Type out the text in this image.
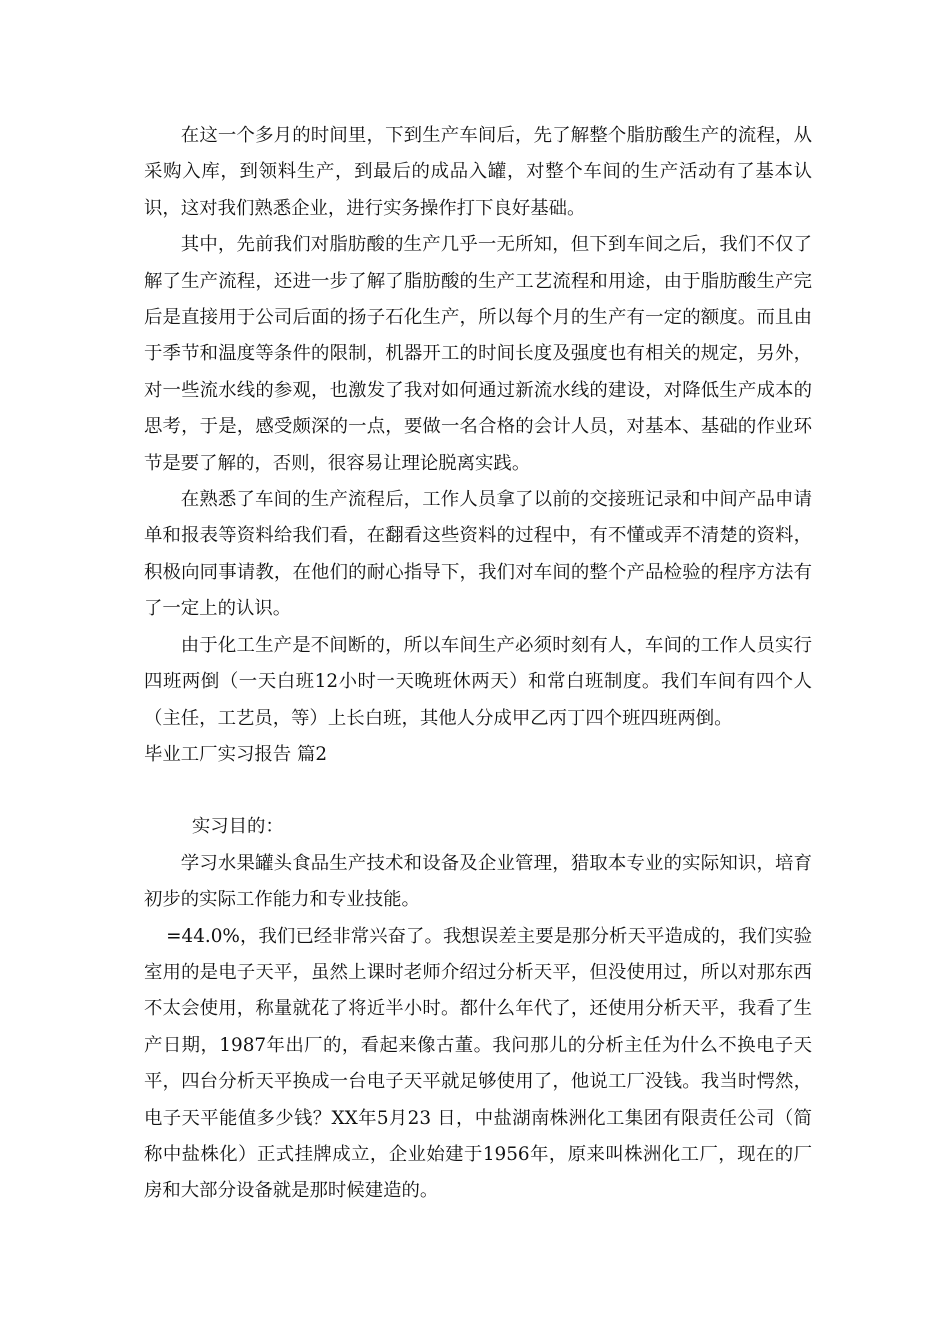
在这一个多月的时间里，下到生产车间后，先了解整个脂肪酸生产的流程，从采购入库，到领料生产，到最后的成品入罐，对整个车间的生产活动有了基本认识，这对我们熟悉企业，进行实务操作打下良好基础。

其中，先前我们对脂肪酸的生产几乎一无所知，但下到车间之后，我们不仅了解了生产流程，还进一步了解了脂肪酸的生产工艺流程和用途，由于脂肪酸生产完后是直接用于公司后面的扬子石化生产，所以每个月的生产有一定的额度。而且由于季节和温度等条件的限制，机器开工的时间长度及强度也有相关的规定，另外，对一些流水线的参观，也激发了我对如何通过新流水线的建设，对降低生产成本的思考，于是，感受颇深的一点，要做一名合格的会计人员，对基本、基础的作业环节是要了解的，否则，很容易让理论脱离实践。

在熟悉了车间的生产流程后，工作人员拿了以前的交接班记录和中间产品申请单和报表等资料给我们看，在翻看这些资料的过程中，有不懂或弄不清楚的资料，积极向同事请教，在他们的耐心指导下，我们对车间的整个产品检验的程序方法有了一定上的认识。

由于化工生产是不间断的，所以车间生产必须时刻有人，车间的工作人员实行四班两倒（一天白班12小时一天晚班休两天）和常白班制度。我们车间有四个人（主任，工艺员，等）上长白班，其他人分成甲乙丙丁四个班四班两倒。

毕业工厂实习报告 篇2

实习目的：

学习水果罐头食品生产技术和设备及企业管理，猎取本专业的实际知识，培育初步的实际工作能力和专业技能。

=44.0%，我们已经非常兴奋了。我想误差主要是那分析天平造成的，我们实验室用的是电子天平，虽然上课时老师介绍过分析天平，但没使用过，所以对那东西不太会使用，称量就花了将近半小时。都什么年代了，还使用分析天平，我看了生产日期，1987年出厂的，看起来像古董。我问那儿的分析主任为什么不换电子天平，四台分析天平换成一台电子天平就足够使用了，他说工厂没钱。我当时愕然，电子天平能值多少钱？XX年5月23 日，中盐湖南株洲化工集团有限责任公司（简称中盐株化）正式挂牌成立，企业始建于1956年，原来叫株洲化工厂，现在的厂房和大部分设备就是那时候建造的。
